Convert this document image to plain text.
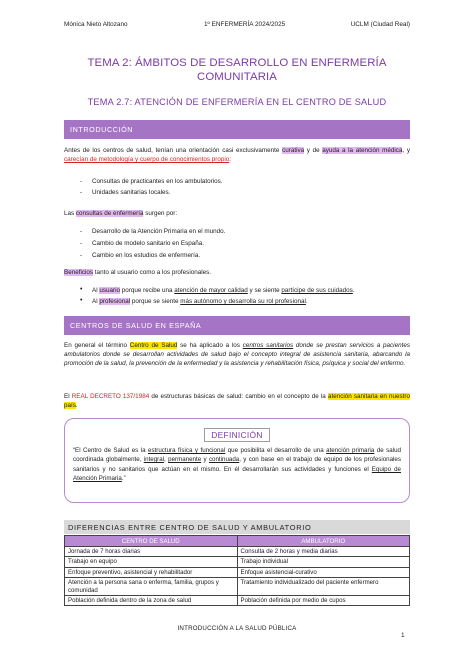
Mónica Nieto Altozano	1º ENFERMERÍA 2024/2025	UCLM (Ciudad Real)
TEMA 2: ÁMBITOS DE DESARROLLO EN ENFERMERÍA
COMUNITARIA
TEMA 2.7: ATENCIÓN DE ENFERMERÍA EN EL CENTRO DE SALUD
INTRODUCCIÓN
Antes de los centros de salud, tenían una orientación casi exclusivamente curativa y de ayuda a la atención médica, y carecían de metodología y cuerpo de conocimientos propio:
- Consultas de practicantes en los ambulatorios.
- Unidades sanitarias locales.
Las consultas de enfermería surgen por:
- Desarrollo de la Atención Primaria en el mundo.
- Cambio de modelo sanitario en España.
- Cambio en los estudios de enfermería.
Beneficios tanto al usuario como a los profesionales.
• Al usuario porque recibe una atención de mayor calidad y se siente partícipe de sus cuidados.
• Al profesional porque se siente más autónomo y desarrolla su rol profesional.
CENTROS DE SALUD EN ESPAÑA
En general el término Centro de Salud se ha aplicado a los centros sanitarios donde se prestan servicios a pacientes ambulatorios donde se desarrollan actividades de salud bajo el concepto integral de asistencia sanitaria, abarcando la promoción de la salud, la prevención de la enfermedad y la asistencia y rehabilitación física, psíquica y social del enfermo.
El REAL DECRETO 137/1984 de estructuras básicas de salud: cambio en el concepto de la atención sanitaria en nuestro país.
DEFINICIÓN
“El Centro de Salud es la estructura física y funcional que posibilita el desarrollo de una atención primaria de salud coordinada globalmente, integral, permanente y continuada, y con base en el trabajo de equipo de los profesionales sanitarios y no sanitarios que actúan en el mismo. En él desarrollarán sus actividades y funciones el Equipo de Atención Primaria.”
DIFERENCIAS ENTRE CENTRO DE SALUD Y AMBULATORIO
CENTRO DE SALUD	AMBULATORIO
Jornada de 7 horas diarias	Consulta de 2 horas y media diarias
Trabajo en equipo	Trabajo individual
Enfoque preventivo, asistencial y rehabilitador	Enfoque asistencial-curativo
Atención a la persona sana o enferma, familia, grupos y comunidad	Tratamiento individualizado del paciente enfermero
Población definida dentro de la zona de salud	Población definida por medio de cupos
INTRODUCCIÓN A LA SALUD PÚBLICA
1
